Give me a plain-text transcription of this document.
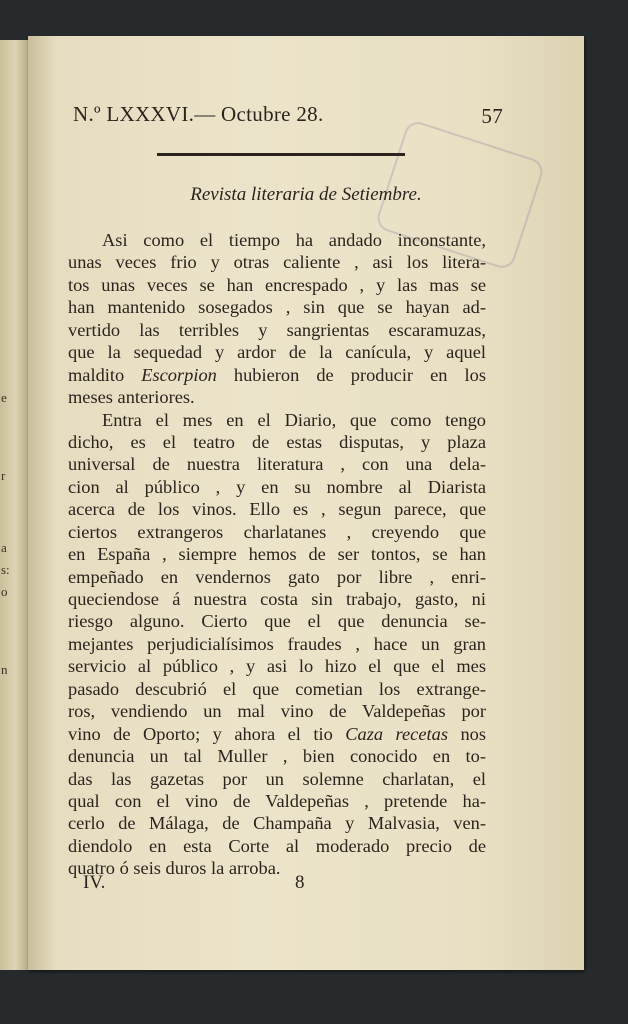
e
r
a
s:
o
n
N.º LXXXVI.— Octubre 28.	57
Revista literaria de Setiembre.
Asi como el tiempo ha andado inconstante,
unas veces frio y otras caliente , asi los litera-
tos unas veces se han encrespado , y las mas se
han mantenido sosegados , sin que se hayan ad-
vertido las terribles y sangrientas escaramuzas,
que la sequedad y ardor de la canícula, y aquel
maldito Escorpion hubieron de producir en los
meses anteriores.
Entra el mes en el Diario, que como tengo
dicho, es el teatro de estas disputas, y plaza
universal de nuestra literatura , con una dela-
cion al público , y en su nombre al Diarista
acerca de los vinos. Ello es , segun parece, que
ciertos extrangeros charlatanes , creyendo que
en España , siempre hemos de ser tontos, se han
empeñado en vendernos gato por libre , enri-
queciendose á nuestra costa sin trabajo, gasto, ni
riesgo alguno. Cierto que el que denuncia se-
mejantes perjudicialísimos fraudes , hace un gran
servicio al público , y asi lo hizo el que el mes
pasado descubrió el que cometian los extrange-
ros, vendiendo un mal vino de Valdepeñas por
vino de Oporto; y ahora el tio Caza recetas nos
denuncia un tal Muller , bien conocido en to-
das las gazetas por un solemne charlatan, el
qual con el vino de Valdepeñas , pretende ha-
cerlo de Málaga, de Champaña y Malvasia, ven-
diendolo en esta Corte al moderado precio de
quatro ó seis duros la arroba.
IV.	8
